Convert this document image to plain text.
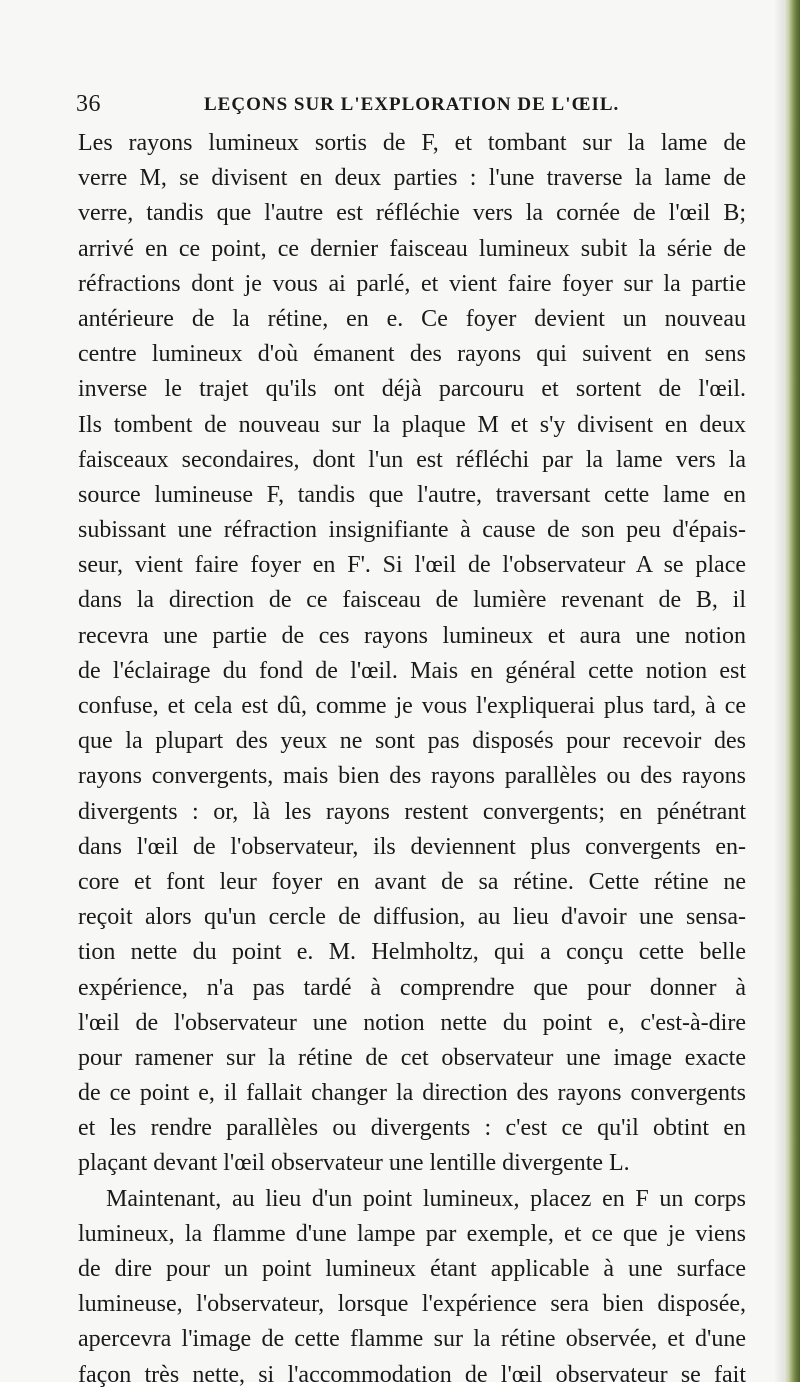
36	LEÇONS SUR L'EXPLORATION DE L'ŒIL.
Les rayons lumineux sortis de F, et tombant sur la lame de
verre M, se divisent en deux parties : l'une traverse la lame de
verre, tandis que l'autre est réfléchie vers la cornée de l'œil B;
arrivé en ce point, ce dernier faisceau lumineux subit la série de
réfractions dont je vous ai parlé, et vient faire foyer sur la partie
antérieure de la rétine, en e. Ce foyer devient un nouveau
centre lumineux d'où émanent des rayons qui suivent en sens
inverse le trajet qu'ils ont déjà parcouru et sortent de l'œil.
Ils tombent de nouveau sur la plaque M et s'y divisent en deux
faisceaux secondaires, dont l'un est réfléchi par la lame vers la
source lumineuse F, tandis que l'autre, traversant cette lame en
subissant une réfraction insignifiante à cause de son peu d'épais-
seur, vient faire foyer en F'. Si l'œil de l'observateur A se place
dans la direction de ce faisceau de lumière revenant de B, il
recevra une partie de ces rayons lumineux et aura une notion
de l'éclairage du fond de l'œil. Mais en général cette notion est
confuse, et cela est dû, comme je vous l'expliquerai plus tard, à ce
que la plupart des yeux ne sont pas disposés pour recevoir des
rayons convergents, mais bien des rayons parallèles ou des rayons
divergents : or, là les rayons restent convergents; en pénétrant
dans l'œil de l'observateur, ils deviennent plus convergents en-
core et font leur foyer en avant de sa rétine. Cette rétine ne
reçoit alors qu'un cercle de diffusion, au lieu d'avoir une sensa-
tion nette du point e. M. Helmholtz, qui a conçu cette belle
expérience, n'a pas tardé à comprendre que pour donner à
l'œil de l'observateur une notion nette du point e, c'est-à-dire
pour ramener sur la rétine de cet observateur une image exacte
de ce point e, il fallait changer la direction des rayons convergents
et les rendre parallèles ou divergents : c'est ce qu'il obtint en
plaçant devant l'œil observateur une lentille divergente L.
Maintenant, au lieu d'un point lumineux, placez en F un corps
lumineux, la flamme d'une lampe par exemple, et ce que je viens
de dire pour un point lumineux étant applicable à une surface
lumineuse, l'observateur, lorsque l'expérience sera bien disposée,
apercevra l'image de cette flamme sur la rétine observée, et d'une
façon très nette, si l'accommodation de l'œil observateur se fait
